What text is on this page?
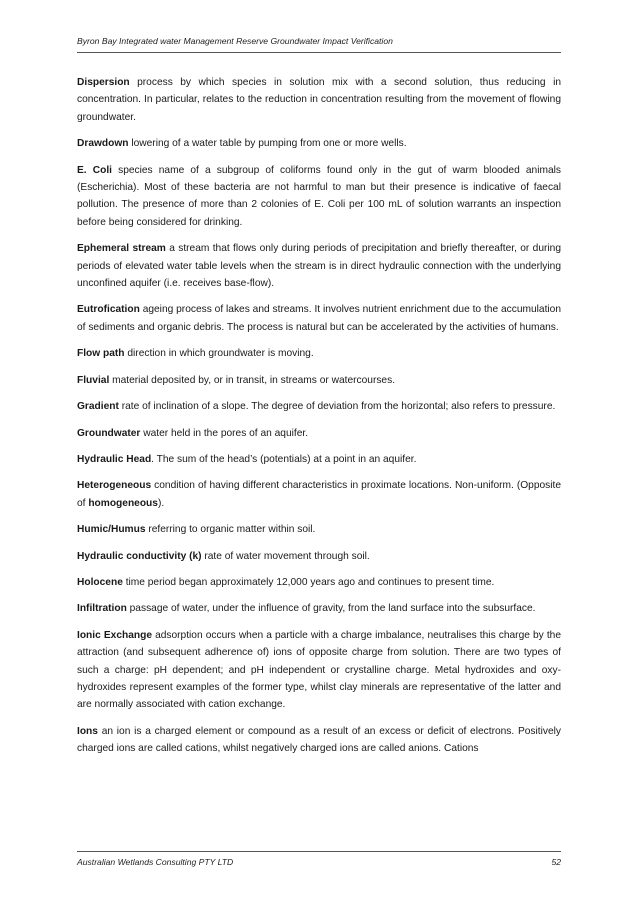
Byron Bay Integrated water Management Reserve Groundwater Impact Verification

Dispersion process by which species in solution mix with a second solution, thus reducing in concentration. In particular, relates to the reduction in concentration resulting from the movement of flowing groundwater.

Drawdown lowering of a water table by pumping from one or more wells.

E. Coli species name of a subgroup of coliforms found only in the gut of warm blooded animals (Escherichia). Most of these bacteria are not harmful to man but their presence is indicative of faecal pollution. The presence of more than 2 colonies of E. Coli per 100 mL of solution warrants an inspection before being considered for drinking.

Ephemeral stream a stream that flows only during periods of precipitation and briefly thereafter, or during periods of elevated water table levels when the stream is in direct hydraulic connection with the underlying unconfined aquifer (i.e. receives base-flow).

Eutrofication ageing process of lakes and streams. It involves nutrient enrichment due to the accumulation of sediments and organic debris. The process is natural but can be accelerated by the activities of humans.

Flow path direction in which groundwater is moving.

Fluvial material deposited by, or in transit, in streams or watercourses.

Gradient rate of inclination of a slope. The degree of deviation from the horizontal; also refers to pressure.

Groundwater water held in the pores of an aquifer.

Hydraulic Head. The sum of the head’s (potentials) at a point in an aquifer.

Heterogeneous condition of having different characteristics in proximate locations. Non-uniform. (Opposite of homogeneous).

Humic/Humus referring to organic matter within soil.

Hydraulic conductivity (k) rate of water movement through soil.

Holocene time period began approximately 12,000 years ago and continues to present time.

Infiltration passage of water, under the influence of gravity, from the land surface into the subsurface.

Ionic Exchange adsorption occurs when a particle with a charge imbalance, neutralises this charge by the attraction (and subsequent adherence of) ions of opposite charge from solution. There are two types of such a charge: pH dependent; and pH independent or crystalline charge. Metal hydroxides and oxy-hydroxides represent examples of the former type, whilst clay minerals are representative of the latter and are normally associated with cation exchange.

Ions an ion is a charged element or compound as a result of an excess or deficit of electrons. Positively charged ions are called cations, whilst negatively charged ions are called anions. Cations

Australian Wetlands Consulting PTY LTD	52
